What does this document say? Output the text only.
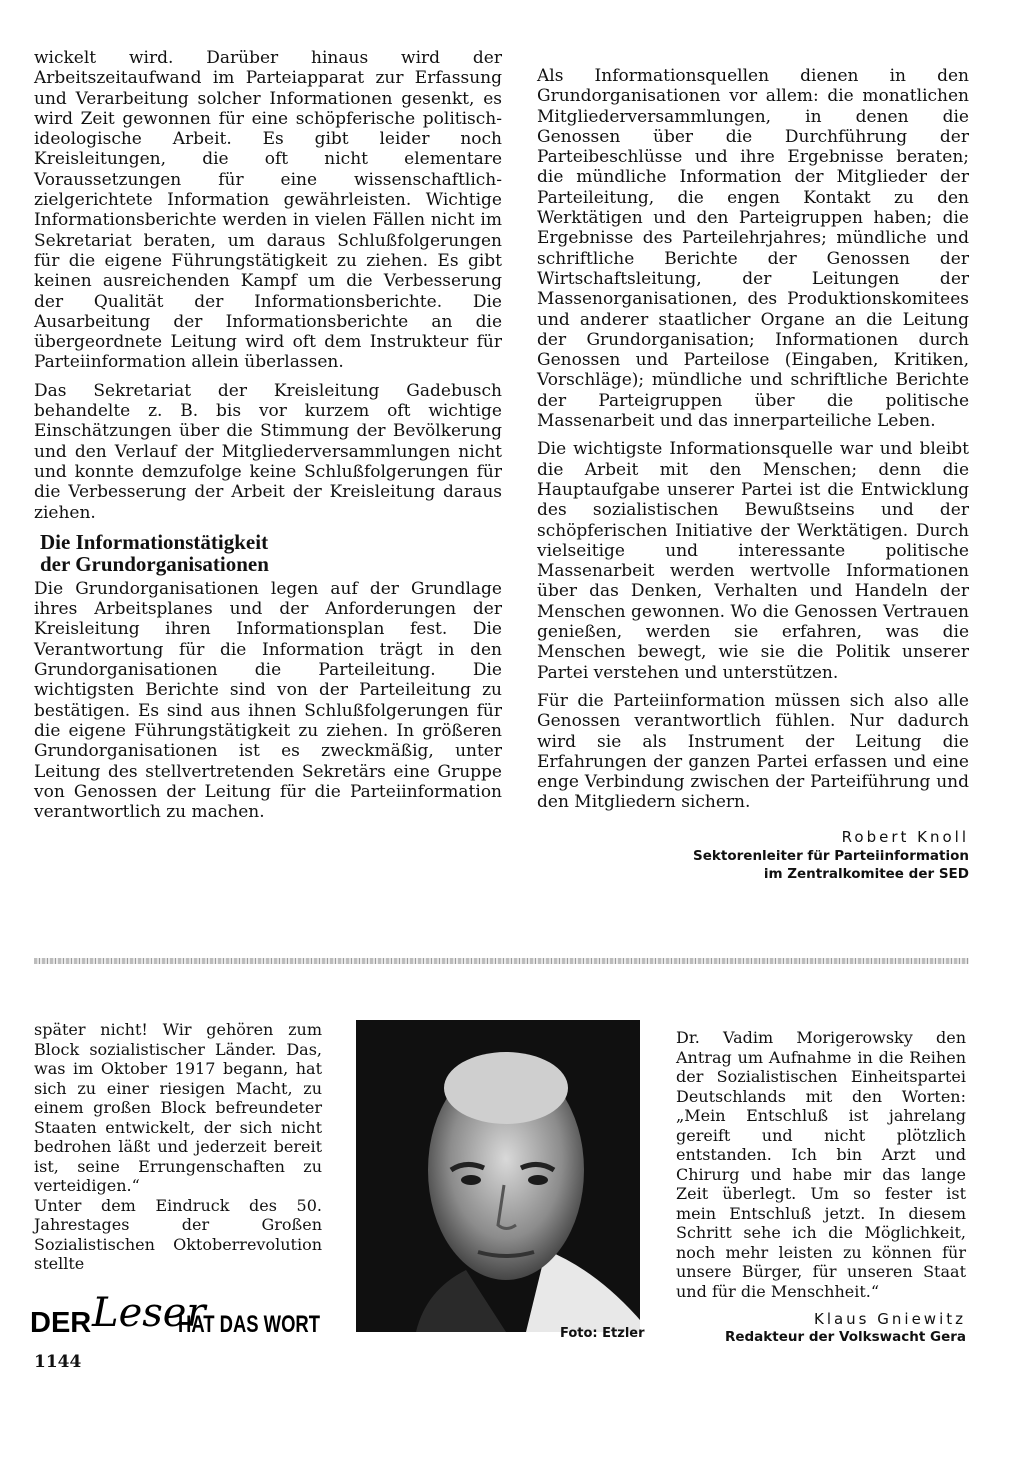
wickelt wird. Darüber hinaus wird der Arbeitszeitaufwand im Parteiapparat zur Erfassung und Verarbeitung solcher Informationen gesenkt, es wird Zeit gewonnen für eine schöpferische politisch-ideologische Arbeit. Es gibt leider noch Kreisleitungen, die oft nicht elementare Voraussetzungen für eine wissenschaftlich-zielgerichtete Information gewährleisten. Wichtige Informationsberichte werden in vielen Fällen nicht im Sekretariat beraten, um daraus Schlußfolgerungen für die eigene Führungstätigkeit zu ziehen. Es gibt keinen ausreichenden Kampf um die Verbesserung der Qualität der Informationsberichte. Die Ausarbeitung der Informationsberichte an die übergeordnete Leitung wird oft dem Instrukteur für Parteiinformation allein überlassen.

Das Sekretariat der Kreisleitung Gadebusch behandelte z. B. bis vor kurzem oft wichtige Einschätzungen über die Stimmung der Bevölkerung und den Verlauf der Mitgliederversammlungen nicht und konnte demzufolge keine Schlußfolgerungen für die Verbesserung der Arbeit der Kreisleitung daraus ziehen.

Die Informationstätigkeit
der Grundorganisationen

Die Grundorganisationen legen auf der Grundlage ihres Arbeitsplanes und der Anforderungen der Kreisleitung ihren Informationsplan fest. Die Verantwortung für die Information trägt in den Grundorganisationen die Parteileitung. Die wichtigsten Berichte sind von der Parteileitung zu bestätigen. Es sind aus ihnen Schlußfolgerungen für die eigene Führungstätigkeit zu ziehen. In größeren Grundorganisationen ist es zweckmäßig, unter Leitung des stellvertretenden Sekretärs eine Gruppe von Genossen der Leitung für die Parteiinformation verantwortlich zu machen.

Als Informationsquellen dienen in den Grundorganisationen vor allem: die monatlichen Mitgliederversammlungen, in denen die Genossen über die Durchführung der Parteibeschlüsse und ihre Ergebnisse beraten; die mündliche Information der Mitglieder der Parteileitung, die engen Kontakt zu den Werktätigen und den Parteigruppen haben; die Ergebnisse des Parteilehrjahres; mündliche und schriftliche Berichte der Genossen der Wirtschaftsleitung, der Leitungen der Massenorganisationen, des Produktionskomitees und anderer staatlicher Organe an die Leitung der Grundorganisation; Informationen durch Genossen und Parteilose (Eingaben, Kritiken, Vorschläge); mündliche und schriftliche Berichte der Parteigruppen über die politische Massenarbeit und das innerparteiliche Leben.

Die wichtigste Informationsquelle war und bleibt die Arbeit mit den Menschen; denn die Hauptaufgabe unserer Partei ist die Entwicklung des sozialistischen Bewußtseins und der schöpferischen Initiative der Werktätigen. Durch vielseitige und interessante politische Massenarbeit werden wertvolle Informationen über das Denken, Verhalten und Handeln der Menschen gewonnen. Wo die Genossen Vertrauen genießen, werden sie erfahren, was die Menschen bewegt, wie sie die Politik unserer Partei verstehen und unterstützen.

Für die Parteiinformation müssen sich also alle Genossen verantwortlich fühlen. Nur dadurch wird sie als Instrument der Leitung die Erfahrungen der ganzen Partei erfassen und eine enge Verbindung zwischen der Parteiführung und den Mitgliedern sichern.

Robert Knoll
Sektorenleiter für Parteiinformation
im Zentralkomitee der SED

später nicht! Wir gehören zum Block sozialistischer Länder. Das, was im Oktober 1917 begann, hat sich zu einer riesigen Macht, zu einem großen Block befreundeter Staaten entwickelt, der sich nicht bedrohen läßt und jederzeit bereit ist, seine Errungenschaften zu verteidigen.“

Unter dem Eindruck des 50. Jahrestages der Großen Sozialistischen Oktoberrevolution stellte

Foto: Etzler
DER Leser
HAT DAS WORT
1144

Dr. Vadim Morigerowsky den Antrag um Aufnahme in die Reihen der Sozialistischen Einheitspartei Deutschlands mit den Worten: „Mein Entschluß ist jahrelang gereift und nicht plötzlich entstanden. Ich bin Arzt und Chirurg und habe mir das lange Zeit überlegt. Um so fester ist mein Entschluß jetzt. In diesem Schritt sehe ich die Möglichkeit, noch mehr leisten zu können für unsere Bürger, für unseren Staat und für die Menschheit.“

Klaus Gniewitz
Redakteur der Volkswacht Gera
